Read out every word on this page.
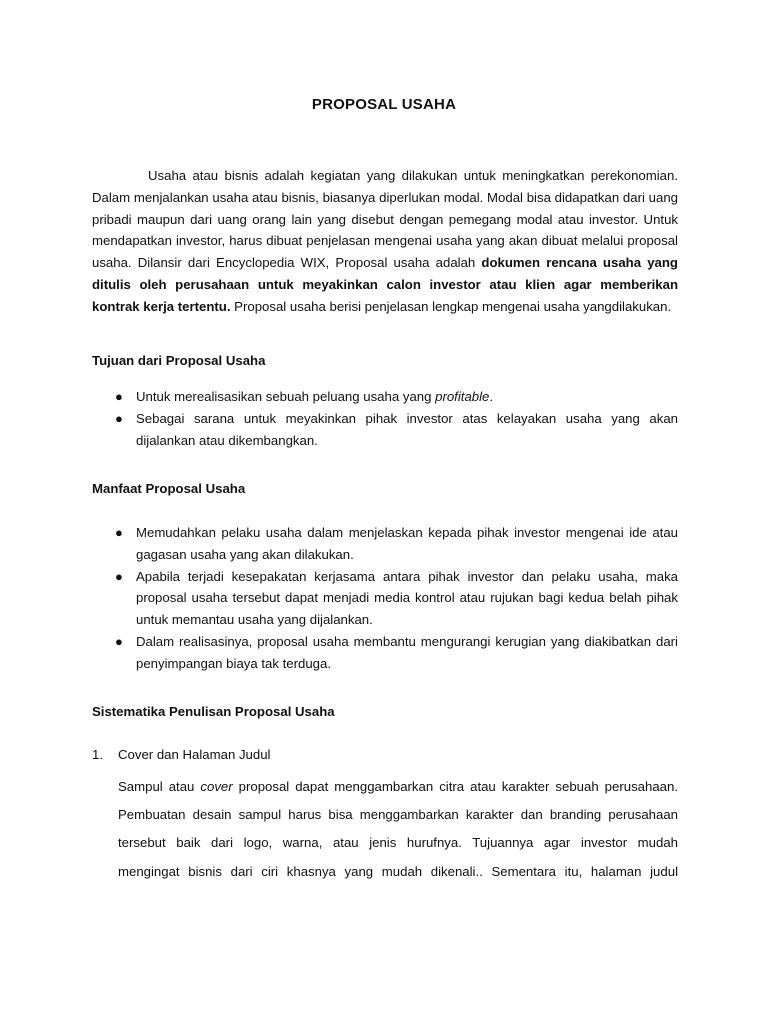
PROPOSAL USAHA
Usaha atau bisnis adalah kegiatan yang dilakukan untuk meningkatkan perekonomian. Dalam menjalankan usaha atau bisnis, biasanya diperlukan modal. Modal bisa didapatkan dari uang pribadi maupun dari uang orang lain yang disebut dengan pemegang modal atau investor. Untuk mendapatkan investor, harus dibuat penjelasan mengenai usaha yang akan dibuat melalui proposal usaha. Dilansir dari Encyclopedia WIX, Proposal usaha adalah dokumen rencana usaha yang ditulis oleh perusahaan untuk meyakinkan calon investor atau klien agar memberikan kontrak kerja tertentu. Proposal usaha berisi penjelasan lengkap mengenai usaha yangdilakukan.
Tujuan dari Proposal Usaha
● Untuk merealisasikan sebuah peluang usaha yang profitable.
● Sebagai sarana untuk meyakinkan pihak investor atas kelayakan usaha yang akan dijalankan atau dikembangkan.
Manfaat Proposal Usaha
● Memudahkan pelaku usaha dalam menjelaskan kepada pihak investor mengenai ide atau gagasan usaha yang akan dilakukan.
● Apabila terjadi kesepakatan kerjasama antara pihak investor dan pelaku usaha, maka proposal usaha tersebut dapat menjadi media kontrol atau rujukan bagi kedua belah pihak untuk memantau usaha yang dijalankan.
● Dalam realisasinya, proposal usaha membantu mengurangi kerugian yang diakibatkan dari penyimpangan biaya tak terduga.
Sistematika Penulisan Proposal Usaha
1. Cover dan Halaman Judul
Sampul atau cover proposal dapat menggambarkan citra atau karakter sebuah perusahaan.
Pembuatan desain sampul harus bisa menggambarkan karakter dan branding perusahaan
tersebut baik dari logo, warna, atau jenis hurufnya. Tujuannya agar investor mudah
mengingat bisnis dari ciri khasnya yang mudah dikenali.. Sementara itu, halaman judul
